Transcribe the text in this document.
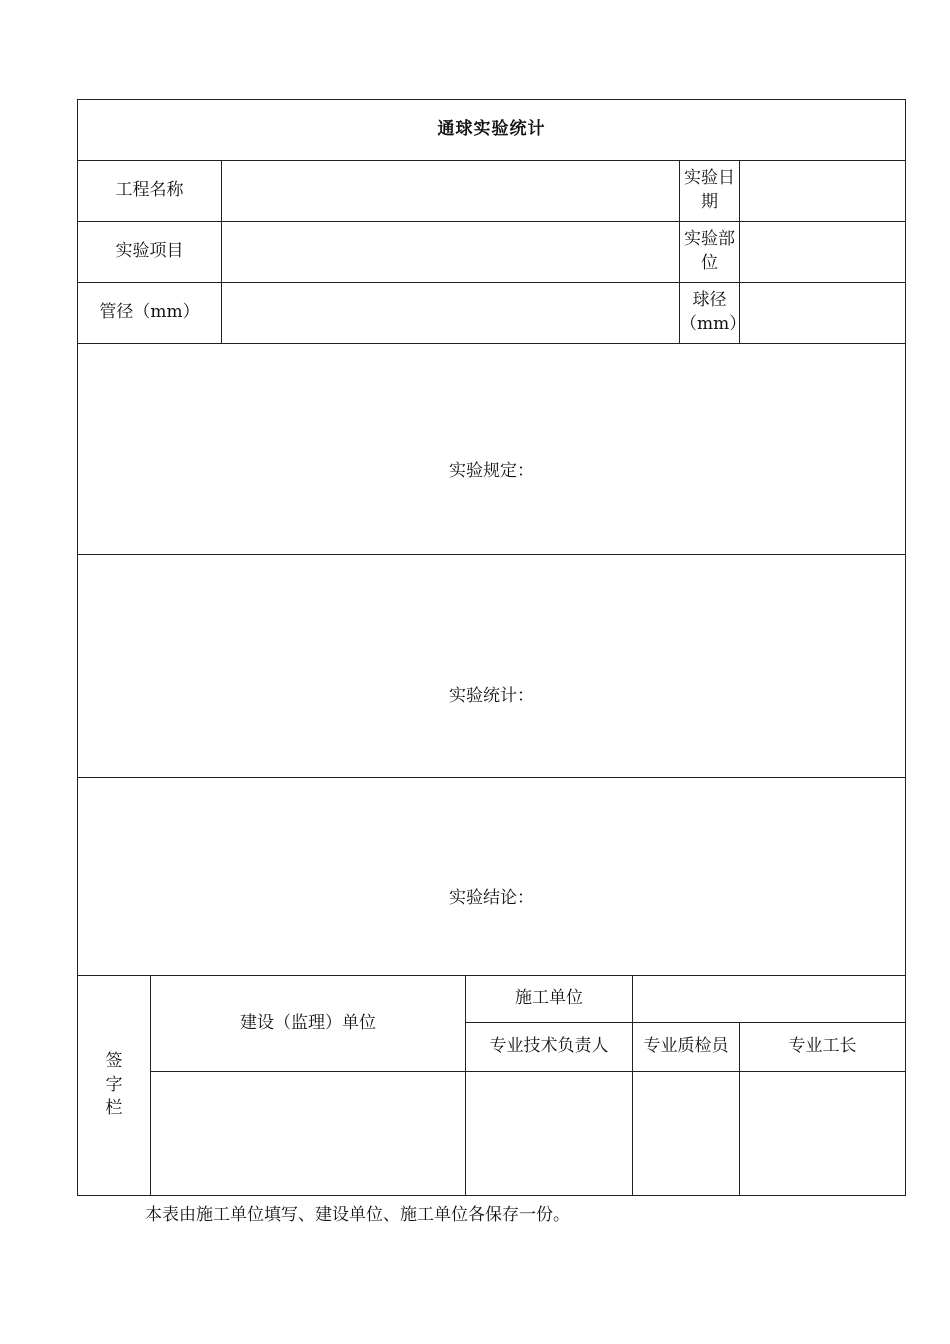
通球实验统计						
工程名称					实验日期	
实验项目					实验部位	
管径（mm）					球径
（mm）	

实验规定：						

实验统计：						

实验结论：						

签
字
栏	建设（监理）单位		施工单位			
			专业技术负责人	专业质检员		专业工长

本表由施工单位填写、建设单位、施工单位各保存一份。
